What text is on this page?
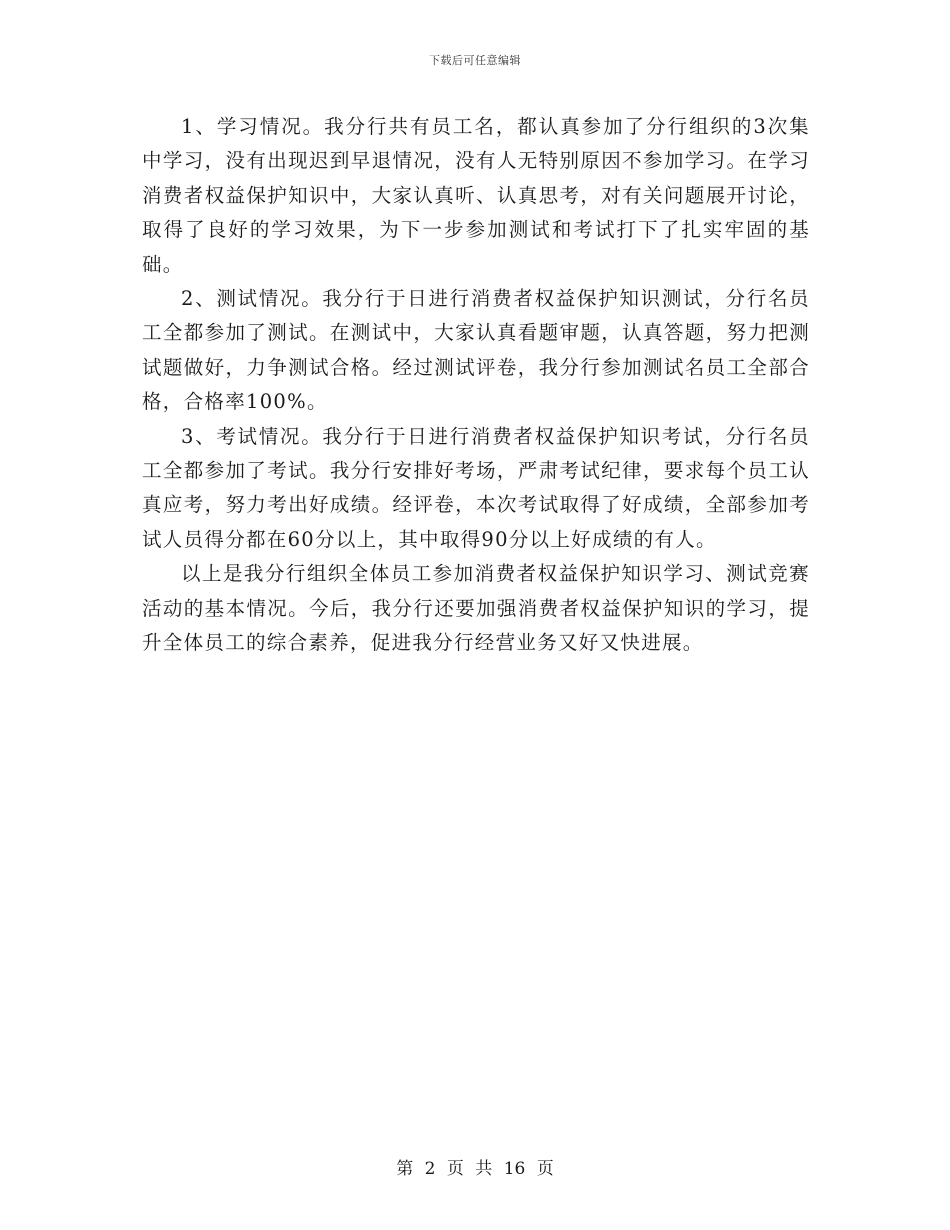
下载后可任意编辑

1、学习情况。我分行共有员工名，都认真参加了分行组织的3次集中学习，没有出现迟到早退情况，没有人无特别原因不参加学习。在学习消费者权益保护知识中，大家认真听、认真思考，对有关问题展开讨论，取得了良好的学习效果，为下一步参加测试和考试打下了扎实牢固的基础。

2、测试情况。我分行于日进行消费者权益保护知识测试，分行名员工全都参加了测试。在测试中，大家认真看题审题，认真答题，努力把测试题做好，力争测试合格。经过测试评卷，我分行参加测试名员工全部合格，合格率100%。

3、考试情况。我分行于日进行消费者权益保护知识考试，分行名员工全都参加了考试。我分行安排好考场，严肃考试纪律，要求每个员工认真应考，努力考出好成绩。经评卷，本次考试取得了好成绩，全部参加考试人员得分都在60分以上，其中取得90分以上好成绩的有人。

以上是我分行组织全体员工参加消费者权益保护知识学习、测试竞赛活动的基本情况。今后，我分行还要加强消费者权益保护知识的学习，提升全体员工的综合素养，促进我分行经营业务又好又快进展。

第 2 页 共 16 页
